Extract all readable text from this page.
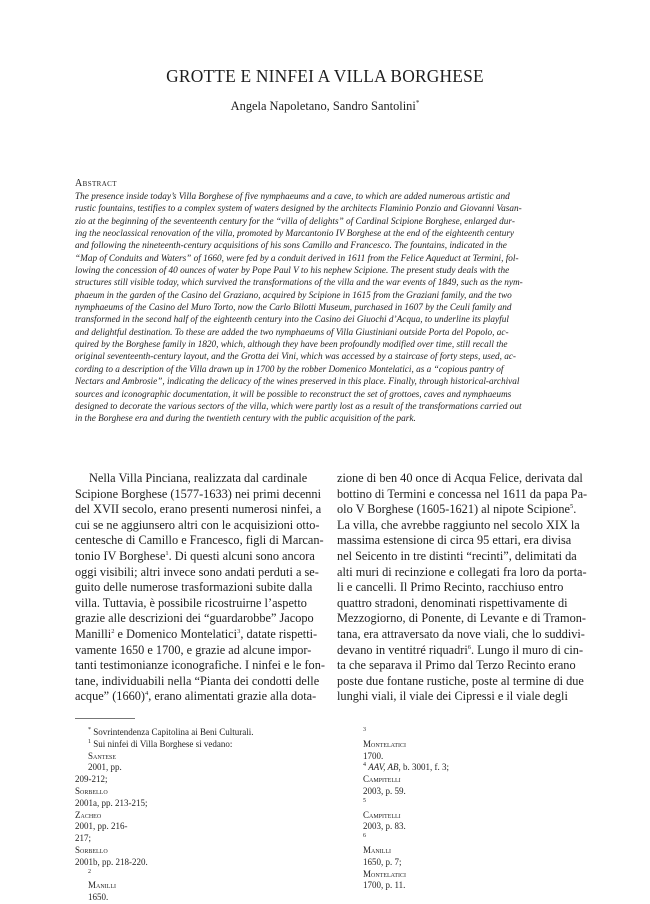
GROTTE E NINFEI A VILLA BORGHESE
Angela Napoletano, Sandro Santolini*
Abstract
The presence inside today’s Villa Borghese of five nymphaeums and a cave, to which are added numerous artistic and
rustic fountains, testifies to a complex system of waters designed by the architects Flaminio Ponzio and Giovanni Vasan-
zio at the beginning of the seventeenth century for the “villa of delights” of Cardinal Scipione Borghese, enlarged dur-
ing the neoclassical renovation of the villa, promoted by Marcantonio IV Borghese at the end of the eighteenth century
and following the nineteenth-century acquisitions of his sons Camillo and Francesco. The fountains, indicated in the
“Map of Conduits and Waters” of 1660, were fed by a conduit derived in 1611 from the Felice Aqueduct at Termini, fol-
lowing the concession of 40 ounces of water by Pope Paul V to his nephew Scipione. The present study deals with the
structures still visible today, which survived the transformations of the villa and the war events of 1849, such as the nym-
phaeum in the garden of the Casino del Graziano, acquired by Scipione in 1615 from the Graziani family, and the two
nymphaeums of the Casino del Muro Torto, now the Carlo Bilotti Museum, purchased in 1607 by the Ceuli family and
transformed in the second half of the eighteenth century into the Casino dei Giuochi d’Acqua, to underline its playful
and delightful destination. To these are added the two nymphaeums of Villa Giustiniani outside Porta del Popolo, ac-
quired by the Borghese family in 1820, which, although they have been profoundly modified over time, still recall the
original seventeenth-century layout, and the Grotta dei Vini, which was accessed by a staircase of forty steps, used, ac-
cording to a description of the Villa drawn up in 1700 by the robber Domenico Montelatici, as a “copious pantry of
Nectars and Ambrosie”, indicating the delicacy of the wines preserved in this place. Finally, through historical-archival
sources and iconographic documentation, it will be possible to reconstruct the set of grottoes, caves and nymphaeums
designed to decorate the various sectors of the villa, which were partly lost as a result of the transformations carried out
in the Borghese era and during the twentieth century with the public acquisition of the park.
Nella Villa Pinciana, realizzata dal cardinale
Scipione Borghese (1577-1633) nei primi decenni
del XVII secolo, erano presenti numerosi ninfei, a
cui se ne aggiunsero altri con le acquisizioni otto-
centesche di Camillo e Francesco, figli di Marcan-
tonio IV Borghese$^1$. Di questi alcuni sono ancora
oggi visibili; altri invece sono andati perduti a se-
guito delle numerose trasformazioni subite dalla
villa. Tuttavia, è possibile ricostruirne l’aspetto
grazie alle descrizioni dei “guardarobbe” Jacopo
Manilli$^2$ e Domenico Montelatici$^3$, datate rispetti-
vamente 1650 e 1700, e grazie ad alcune impor-
tanti testimonianze iconografiche. I ninfei e le fon-
tane, individuabili nella “Pianta dei condotti delle
acque” $(1660)^4$, erano alimentati grazie alla dota-
zione di ben 40 once di Acqua Felice, derivata dal
bottino di Termini e concessa nel 1611 da papa Pa-
olo V Borghese (1605-1621) al nipote Scipione$^5$.
La villa, che avrebbe raggiunto nel secolo XIX la
massima estensione di circa 95 ettari, era divisa
nel Seicento in tre distinti “recinti”, delimitati da
alti muri di recinzione e collegati fra loro da porta-
li e cancelli. Il Primo Recinto, racchiuso entro
quattro stradoni, denominati rispettivamente di
Mezzogiorno, di Ponente, di Levante e di Tramon-
tana, era attraversato da nove viali, che lo suddivi-
devano in ventitré riquadri$^6$. Lungo il muro di cin-
ta che separava il Primo dal Terzo Recinto erano
poste due fontane rustiche, poste al termine di due
lunghi viali, il viale dei Cipressi e il viale degli
* Sovrintendenza Capitolina ai Beni Culturali.
$^1$ Sui ninfei di Villa Borghese si vedano:
Santese
2001, pp.
209-212;
Sorbello
2001a, pp. 213-215;
Zacheo
2001, pp. 216-
217;
Sorbello
2001b, pp. 218-220.
$^2$
Manilli
1650.
$^3$
Montelatici
1700.
$^4$ AAV, AB, b. 3001, f. 3;
Campitelli
2003, p. 59.
$^5$
Campitelli
2003, p. 83.
$^6$
Manilli
1650, p. 7;
Montelatici
1700, p. 11.
